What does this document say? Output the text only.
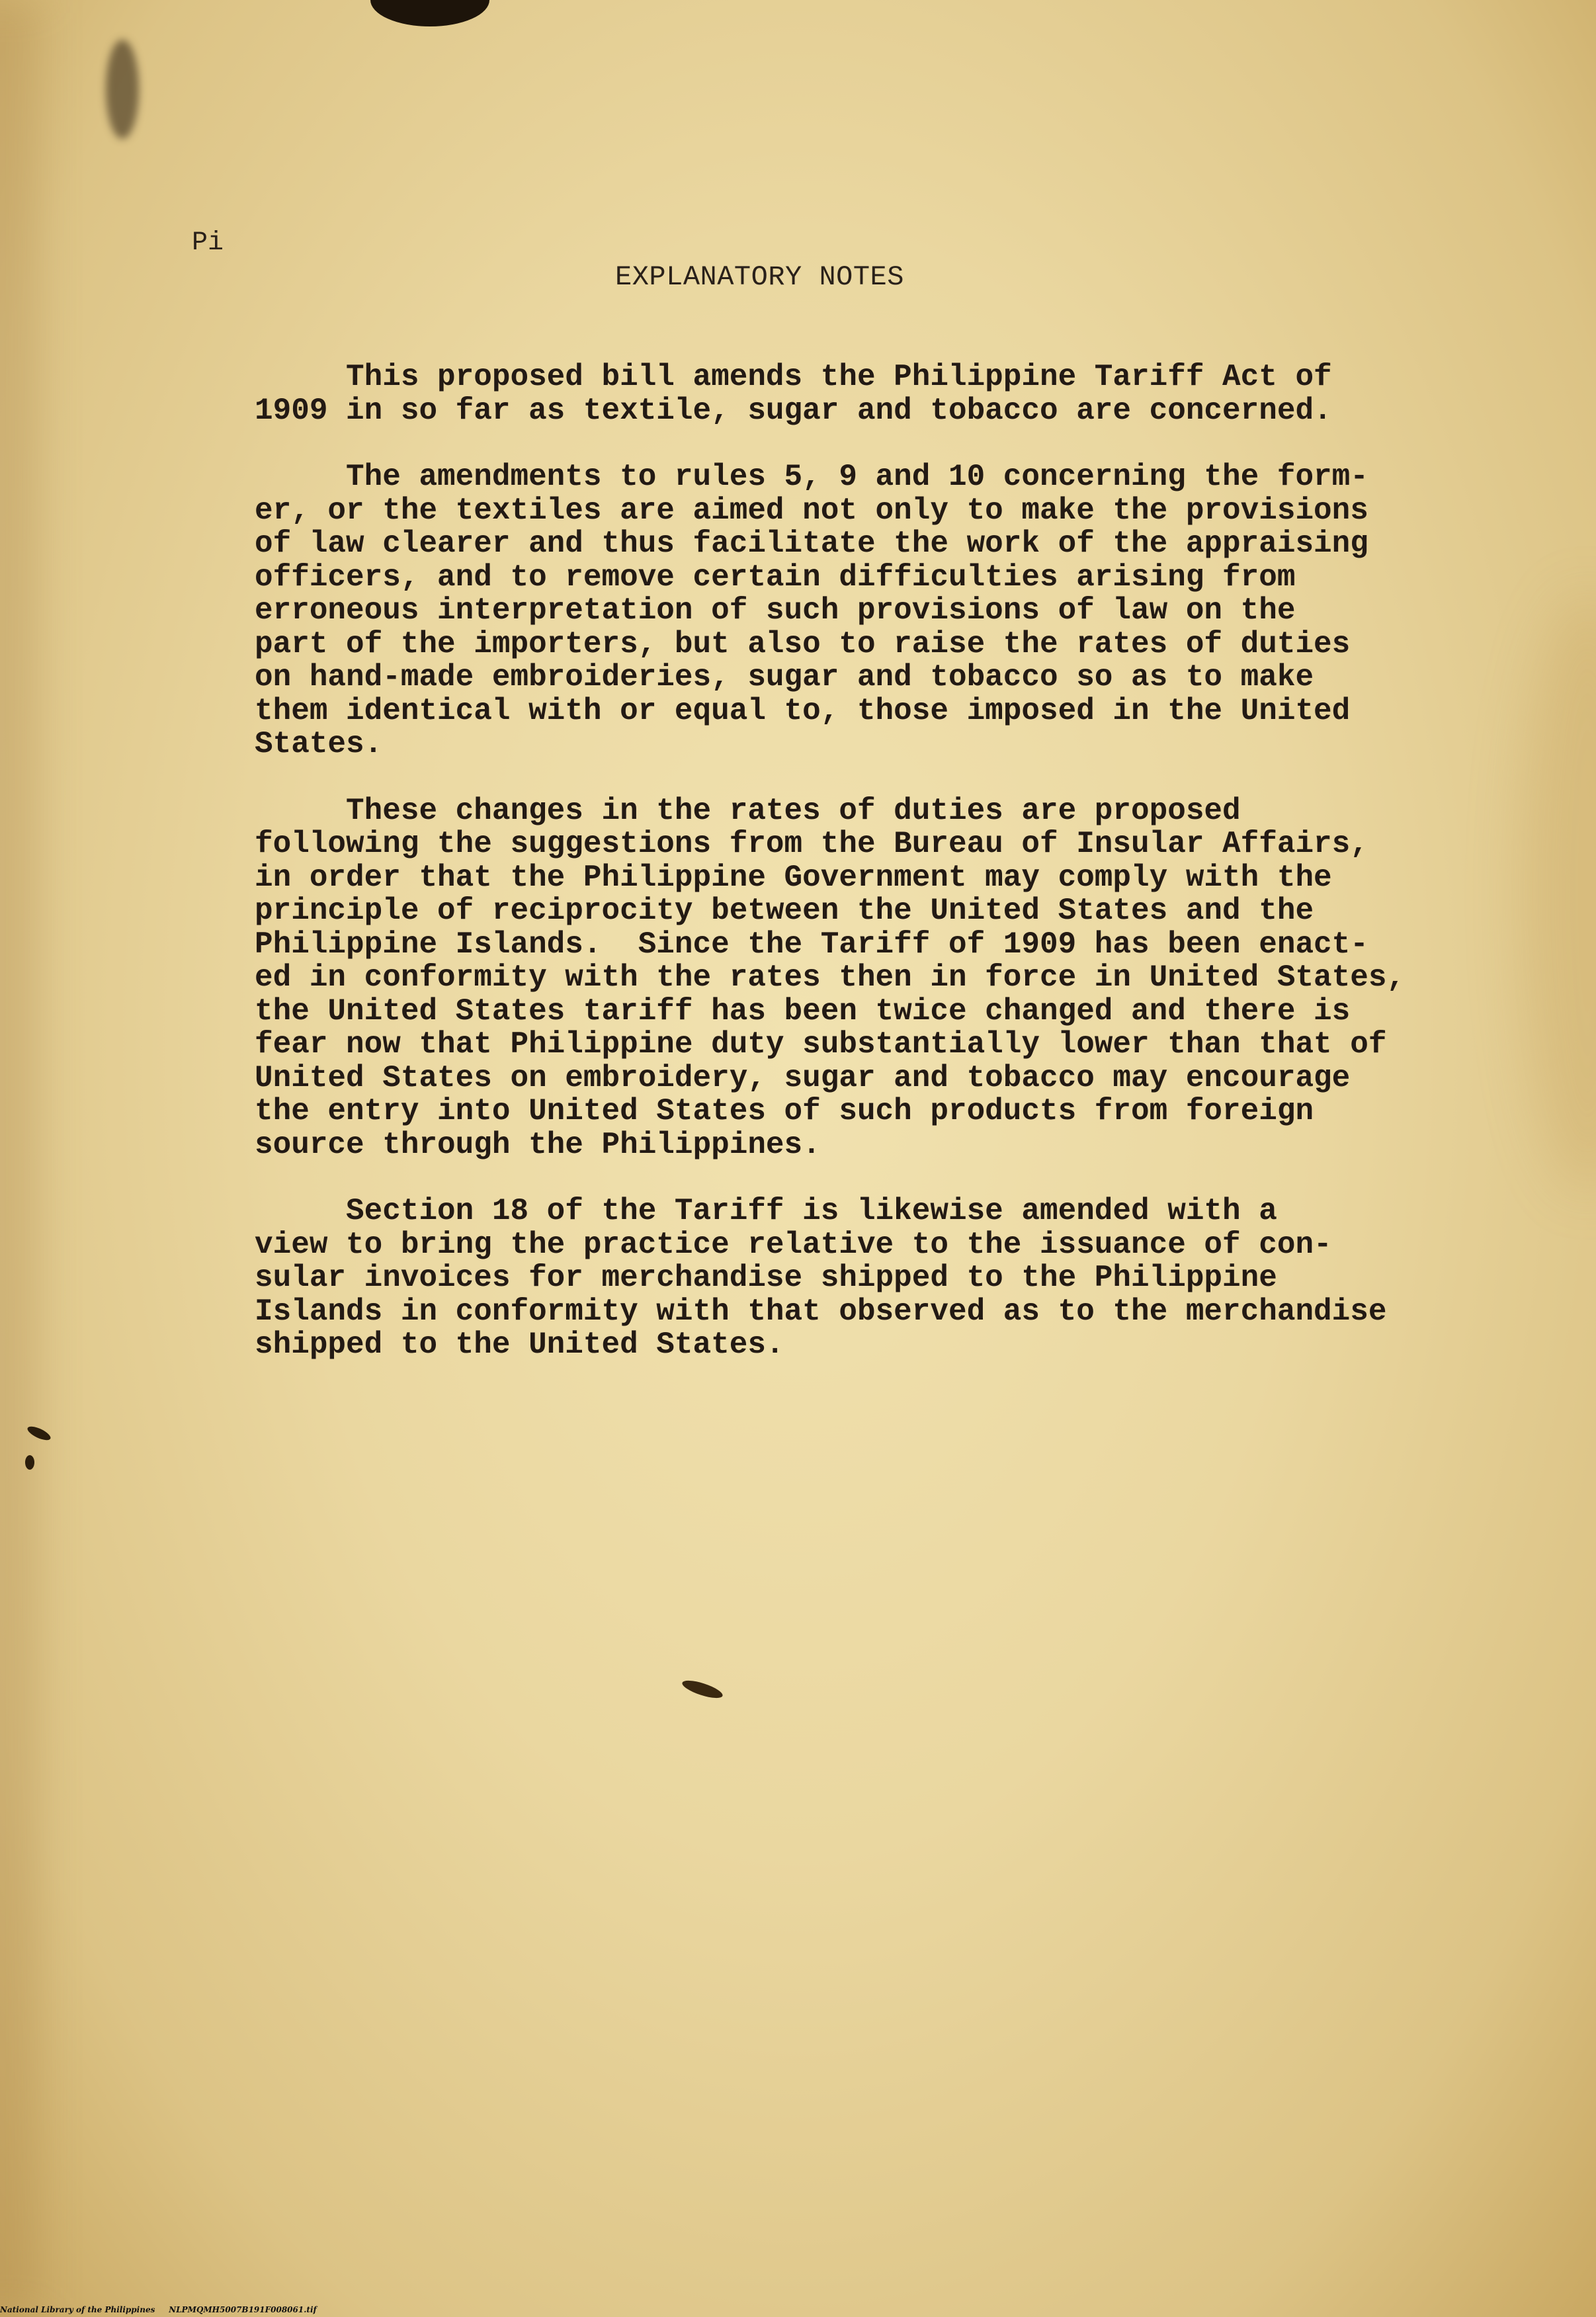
Pi
EXPLANATORY NOTES
This proposed bill amends the Philippine Tariff Act of
1909 in so far as textile, sugar and tobacco are concerned.
The amendments to rules 5, 9 and 10 concerning the form-
er, or the textiles are aimed not only to make the provisions
of law clearer and thus facilitate the work of the appraising
officers, and to remove certain difficulties arising from
erroneous interpretation of such provisions of law on the
part of the importers, but also to raise the rates of duties
on hand-made embroideries, sugar and tobacco so as to make
them identical with or equal to, those imposed in the United
States.
These changes in the rates of duties are proposed
following the suggestions from the Bureau of Insular Affairs,
in order that the Philippine Government may comply with the
principle of reciprocity between the United States and the
Philippine Islands.  Since the Tariff of 1909 has been enact-
ed in conformity with the rates then in force in United States,
the United States tariff has been twice changed and there is
fear now that Philippine duty substantially lower than that of
United States on embroidery, sugar and tobacco may encourage
the entry into United States of such products from foreign
source through the Philippines.
Section 18 of the Tariff is likewise amended with a
view to bring the practice relative to the issuance of con-
sular invoices for merchandise shipped to the Philippine
Islands in conformity with that observed as to the merchandise
shipped to the United States.
National Library of the Philippines     NLPMQMH5007B191F008061.tif
